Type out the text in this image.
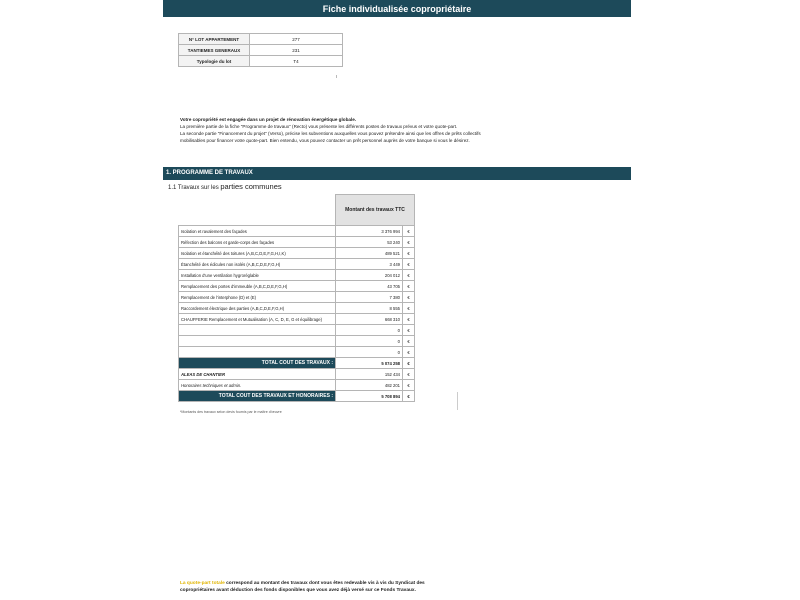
Fiche individualisée copropriétaire
N° LOT APPARTEMENT	277
TANTIEMES GENERAUX	231
Typologie du lot	T4
ı

Votre copropriété est engagée dans un projet de rénovation énergétique globale.

La première partie de la fiche "Programme de travaux" (Recto) vous présente les différents postes de travaux prévus et votre quote-part.

La seconde partie "Financement du projet" (Verso), précise les subventions auxquelles vous pouvez prétendre ainsi que les offres de prêts collectifs

mobilisables pour financer votre quote-part. Bien entendu, vous pouvez contacter un prêt personnel auprès de votre banque si vous le désirez.

1. PROGRAMME DE TRAVAUX
1.1 Travaux sur les parties communes
	Montant des travaux TTC	
Isolation et ravalement des façades	3 376 994	€
Réfection des balcons et garde-corps des façades	53 240	€
Isolation et étanchéité des toitures (A,B,C,D,E,F,G,H,I,K)	489 521	€
Étanchéité des édicules non isolés (A,B,C,D,E,F,G,H)	3 449	€
Installation d'une ventilation hygroréglable	204 012	€
Remplacement des portes d'immeuble (A,B,C,D,E,F,G,H)	43 705	€
Remplacement de l'interphone (D) et (E)	7 380	€
Raccordement électrique des parties (A,B,C,D,E,F,G,H)	8 555	€
CHAUFFERIE Remplacement et Mutualisation (A, C, D, E, G et équilibrage)	668 310	€
	0	€
	0	€
	0	€
TOTAL COUT DES TRAVAUX :	5 074 258	€
ALEAS DE CHANTIER	152 434	€
Honoraires techniques et admin.	482 201	€
TOTAL COUT DES TRAVAUX ET HONORAIRES :	5 708 894	€
*Montants des travaux selon devis fournis par le maître d'œuvre
La quote-part totale correspond au montant des travaux dont vous êtes redevable vis à vis du Syndicat des
copropriétaires avant déduction des fonds disponibles que vous avez déjà versé sur ce Fonds Travaux.
